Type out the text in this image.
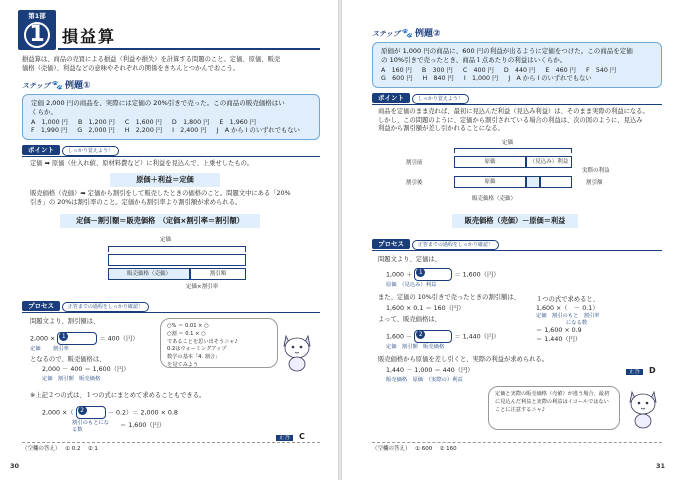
第1部
1	損益算
損益算は、商品の売買による損益（利益や損失）を計算する問題のこと。定価、原価、販売
価格（売価）、利益などの意味やそれぞれの関係をきちんとつかんでおこう。
ステップ 🐾 例題①
定価 2,000 円の商品を、実際には定価の 20%引きで売った。この商品の販売価格はい
くらか。
A　1,000 円 B　1,200 円 C　1,600 円 D　1,800 円 E　1,960 円
F　1,990 円 G　2,000 円 H　2,200 円 I　2,400 円 J　A から I のいずれでもない
ポイント	しっかり覚えよう！
定価 ➡ 原価（仕入れ値、原材料費など）に利益を見込んで、上乗せしたもの。
原価＋利益＝定価
販売価格（売価）➡ 定価から割引をして販売したときの価格のこと。問題文中にある「20%
引き」の 20%は割引率のこと。定価から割引率より割引額が求められる。
定価－割引額＝販売価格　（定価×割引率＝割引額）
定価
販売価格（売価）	割引額
定価×割引率
プロセス	正答までの過程をしっかり確認！
問題文より、割引額は、
2,000 ×	1	＝ 400（円）
定価　　 割引率
となるので、販売価格は、
2,000 － 400 ＝ 1,600（円）
定価　割引額　販売価格
※上記２つの式は、１つの式にまとめて求めることもできる。
2,000 ×（	2	－ 0.2）＝ 2,000 × 0.8
割引のもとになる数
＝ 1,600（円）
○% ＝ 0.01 × ○
○割 ＝ 0.1 × ○
であることを思い出そうニャ♪
0.2はウォーミングアップ
数学の基本「4. 割合」
を見てみよう
正答 C
（空欄の答え）　 ① 0.2　 ② 1
30
ステップ 🐾 例題②
原価が 1,000 円の商品に、600 円の利益が出るように定価をつけた。この商品を定価
の 10%引きで売ったとき、商品１点あたりの利益はいくらか。
A　160 円 B　300 円 C　400 円 D　440 円 E　460 円 F　540 円
G　600 円 H　840 円 I　1,000 円 J　A から I のいずれでもない
ポイント	しっかり覚えよう！
商品を定価のまま売れば、最初に見込んだ利益（見込み利益）は、そのまま実際の利益になる。
しかし、この問題のように、定価から割引されている場合の利益は、次の図のように、見込み
利益から割引額が差し引かれることになる。
定価
割引前	原価	（見込み）利益
割引後	原価
実際の利益
割引額
販売価格（売価）
販売価格（売価）－原価＝利益
プロセス	正答までの過程をしっかり確認！
問題文より、定価は、
1,000 ＋	1	＝ 1,600（円）
原価　（見込み）利益
また、定価の 10%引きで売ったときの割引額は、
1,600 × 0.1 ＝ 160（円）
よって、販売価格は、
1,600 －	2	＝ 1,440（円）
定価　割引額　販売価格
１つの式で求めると、
1,600 ×（　－ 0.1）
定価　割引のもと　割引率
になる数
＝ 1,600 × 0.9
＝ 1,440（円）
販売価格から原価を差し引くと、実際の利益が求められる。
1,440 － 1,000 ＝ 440（円）
販売価格　原価　（実際の）利益
正答 D
定価と実際の販売価格（売値）が違う場合、最初に見込んだ利益と実際の利益はイコールではないことに注意するニャ♪
（空欄の答え）　 ① 600　 ② 160
31
